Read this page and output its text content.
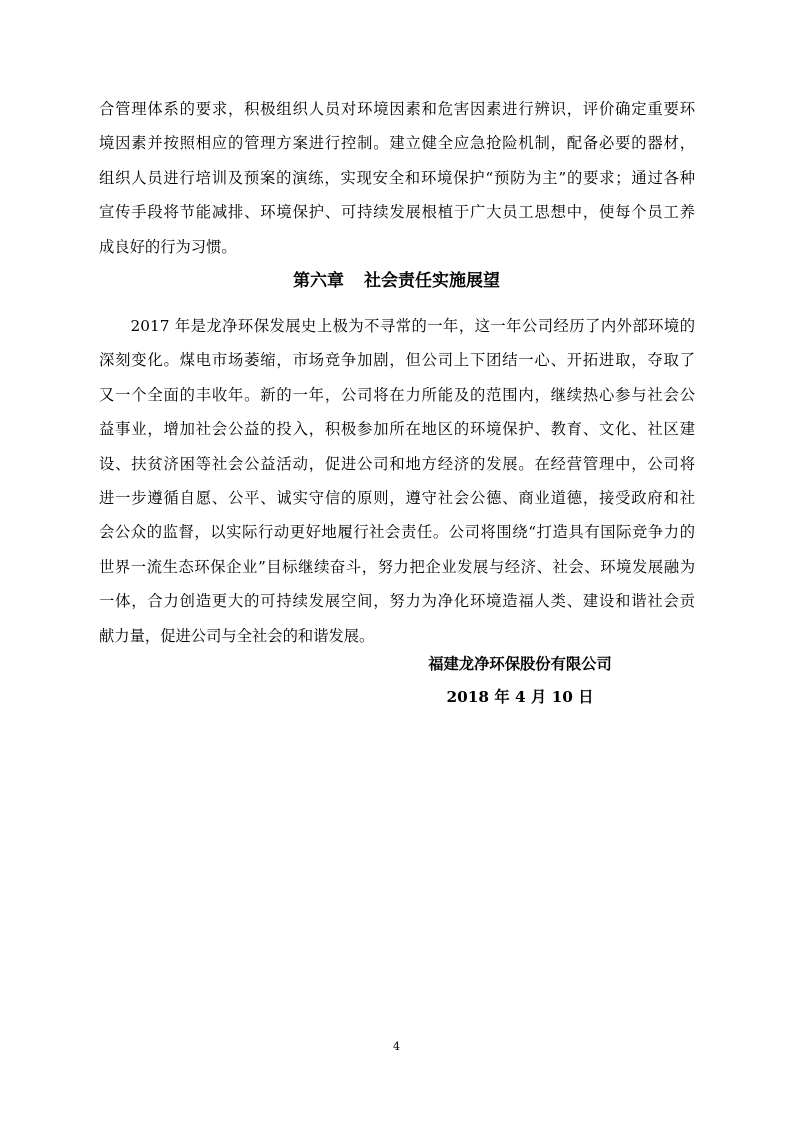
合管理体系的要求，积极组织人员对环境因素和危害因素进行辨识，评价确定重要环
境因素并按照相应的管理方案进行控制。建立健全应急抢险机制，配备必要的器材，
组织人员进行培训及预案的演练，实现安全和环境保护“预防为主”的要求；通过各种
宣传手段将节能减排、环境保护、可持续发展根植于广大员工思想中，使每个员工养
成良好的行为习惯。
第六章 社会责任实施展望
　　2017 年是龙净环保发展史上极为不寻常的一年，这一年公司经历了内外部环境的
深刻变化。煤电市场萎缩，市场竞争加剧，但公司上下团结一心、开拓进取，夺取了
又一个全面的丰收年。新的一年，公司将在力所能及的范围内，继续热心参与社会公
益事业，增加社会公益的投入，积极参加所在地区的环境保护、教育、文化、社区建
设、扶贫济困等社会公益活动，促进公司和地方经济的发展。在经营管理中，公司将
进一步遵循自愿、公平、诚实守信的原则，遵守社会公德、商业道德，接受政府和社
会公众的监督，以实际行动更好地履行社会责任。公司将围绕“打造具有国际竞争力的
世界一流生态环保企业”目标继续奋斗，努力把企业发展与经济、社会、环境发展融为
一体，合力创造更大的可持续发展空间，努力为净化环境造福人类、建设和谐社会贡
献力量，促进公司与全社会的和谐发展。
福建龙净环保股份有限公司
2018 年 4 月 10 日
4
